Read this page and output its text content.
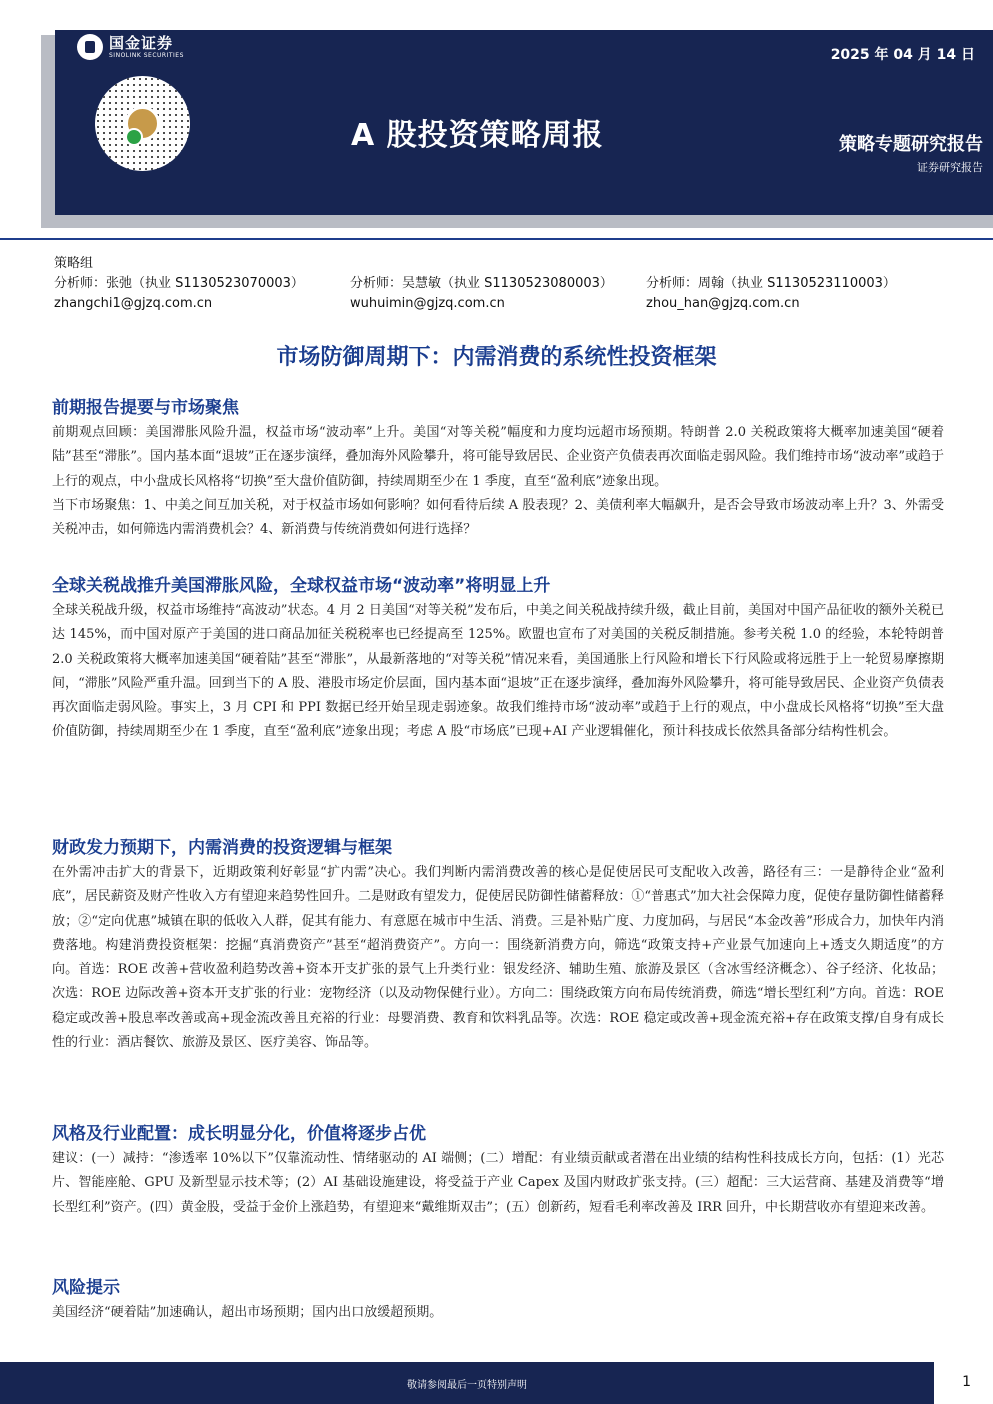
国金证券
SINOLINK SECURITIES	2025 年 04 月 14 日
A 股投资策略周报	策略专题研究报告
证券研究报告
策略组
分析师：张弛（执业 S1130523070003）
zhangchi1@gjzq.com.cn
分析师：吴慧敏（执业 S1130523080003）
wuhuimin@gjzq.com.cn
分析师：周翰（执业 S1130523110003）
zhou_han@gjzq.com.cn
市场防御周期下：内需消费的系统性投资框架
前期报告提要与市场聚焦

前期观点回顾：美国滞胀风险升温，权益市场“波动率”上升。美国“对等关税”幅度和力度均远超市场预期。特朗普 2.0 关税政策将大概率加速美国“硬着陆”甚至“滞胀”。国内基本面“退坡”正在逐步演绎，叠加海外风险攀升，将可能导致居民、企业资产负债表再次面临走弱风险。我们维持市场“波动率”或趋于上行的观点，中小盘成长风格将“切换”至大盘价值防御，持续周期至少在 1 季度，直至“盈利底”迹象出现。

当下市场聚焦：1、中美之间互加关税，对于权益市场如何影响？如何看待后续 A 股表现？2、美债利率大幅飙升，是否会导致市场波动率上升？3、外需受关税冲击，如何筛选内需消费机会？4、新消费与传统消费如何进行选择？

全球关税战推升美国滞胀风险，全球权益市场“波动率”将明显上升

全球关税战升级，权益市场维持“高波动”状态。4 月 2 日美国“对等关税”发布后，中美之间关税战持续升级，截止目前，美国对中国产品征收的额外关税已达 145%，而中国对原产于美国的进口商品加征关税税率也已经提高至 125%。欧盟也宣布了对美国的关税反制措施。参考关税 1.0 的经验，本轮特朗普 2.0 关税政策将大概率加速美国“硬着陆”甚至“滞胀”，从最新落地的“对等关税”情况来看，美国通胀上行风险和增长下行风险或将远胜于上一轮贸易摩擦期间，“滞胀”风险严重升温。回到当下的 A 股、港股市场定价层面，国内基本面“退坡”正在逐步演绎，叠加海外风险攀升，将可能导致居民、企业资产负债表再次面临走弱风险。事实上，3 月 CPI 和 PPI 数据已经开始呈现走弱迹象。故我们维持市场“波动率”或趋于上行的观点，中小盘成长风格将“切换”至大盘价值防御，持续周期至少在 1 季度，直至“盈利底”迹象出现；考虑 A 股“市场底”已现+AI 产业逻辑催化，预计科技成长依然具备部分结构性机会。

财政发力预期下，内需消费的投资逻辑与框架

在外需冲击扩大的背景下，近期政策利好彰显“扩内需”决心。我们判断内需消费改善的核心是促使居民可支配收入改善，路径有三：一是静待企业“盈利底”，居民薪资及财产性收入方有望迎来趋势性回升。二是财政有望发力，促使居民防御性储蓄释放：①“普惠式”加大社会保障力度，促使存量防御性储蓄释放；②“定向优惠”城镇在职的低收入人群，促其有能力、有意愿在城市中生活、消费。三是补贴广度、力度加码，与居民“本金改善”形成合力，加快年内消费落地。构建消费投资框架：挖掘“真消费资产”甚至“超消费资产”。方向一：围绕新消费方向，筛选“政策支持+产业景气加速向上+透支久期适度”的方向。首选：ROE 改善+营收盈利趋势改善+资本开支扩张的景气上升类行业：银发经济、辅助生殖、旅游及景区（含冰雪经济概念）、谷子经济、化妆品；次选：ROE 边际改善+资本开支扩张的行业：宠物经济（以及动物保健行业）。方向二：围绕政策方向布局传统消费，筛选“增长型红利”方向。首选：ROE 稳定或改善+股息率改善或高+现金流改善且充裕的行业：母婴消费、教育和饮料乳品等。次选：ROE 稳定或改善+现金流充裕+存在政策支撑/自身有成长性的行业：酒店餐饮、旅游及景区、医疗美容、饰品等。

风格及行业配置：成长明显分化，价值将逐步占优

建议：(一）减持：“渗透率 10%以下”仅靠流动性、情绪驱动的 AI 端侧；(二）增配：有业绩贡献或者潜在出业绩的结构性科技成长方向，包括：(1）光芯片、智能座舱、GPU 及新型显示技术等；(2）AI 基础设施建设，将受益于产业 Capex 及国内财政扩张支持。(三）超配：三大运营商、基建及消费等“增长型红利”资产。(四）黄金股，受益于金价上涨趋势，有望迎来“戴维斯双击”；(五）创新药，短看毛利率改善及 IRR 回升，中长期营收亦有望迎来改善。

风险提示

美国经济“硬着陆”加速确认，超出市场预期；国内出口放缓超预期。

敬请参阅最后一页特别声明	1
